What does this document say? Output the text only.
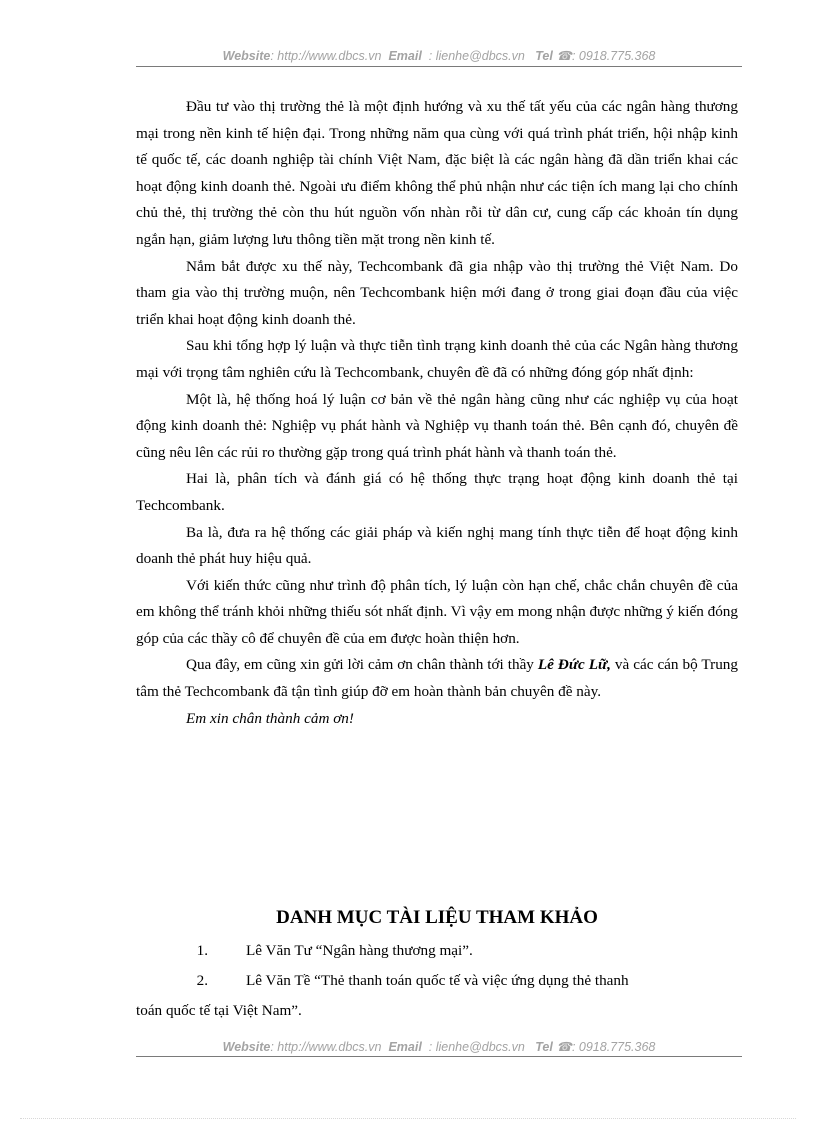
Website: http://www.dbcs.vn Email : lienhe@dbcs.vn Tel ☎: 0918.775.368

Đầu tư vào thị trường thẻ là một định hướng và xu thế tất yếu của các ngân hàng thương mại trong nền kinh tế hiện đại. Trong những năm qua cùng với quá trình phát triển, hội nhập kinh tế quốc tế, các doanh nghiệp tài chính Việt Nam, đặc biệt là các ngân hàng đã dần triển khai các hoạt động kinh doanh thẻ. Ngoài ưu điểm không thể phủ nhận như các tiện ích mang lại cho chính chủ thẻ, thị trường thẻ còn thu hút nguồn vốn nhàn rỗi từ dân cư, cung cấp các khoản tín dụng ngắn hạn, giảm lượng lưu thông tiền mặt trong nền kinh tế.

Nắm bắt được xu thế này, Techcombank đã gia nhập vào thị trường thẻ Việt Nam. Do tham gia vào thị trường muộn, nên Techcombank hiện mới đang ở trong giai đoạn đầu của việc triển khai hoạt động kinh doanh thẻ.

Sau khi tổng hợp lý luận và thực tiễn tình trạng kinh doanh thẻ của các Ngân hàng thương mại với trọng tâm nghiên cứu là Techcombank, chuyên đề đã có những đóng góp nhất định:

Một là, hệ thống hoá lý luận cơ bản về thẻ ngân hàng cũng như các nghiệp vụ của hoạt động kinh doanh thẻ: Nghiệp vụ phát hành và Nghiệp vụ thanh toán thẻ. Bên cạnh đó, chuyên đề cũng nêu lên các rủi ro thường gặp trong quá trình phát hành và thanh toán thẻ.

Hai là, phân tích và đánh giá có hệ thống thực trạng hoạt động kinh doanh thẻ tại Techcombank.

Ba là, đưa ra hệ thống các giải pháp và kiến nghị mang tính thực tiễn để hoạt động kinh doanh thẻ phát huy hiệu quả.

Với kiến thức cũng như trình độ phân tích, lý luận còn hạn chế, chắc chắn chuyên đề của em không thể tránh khỏi những thiếu sót nhất định. Vì vậy em mong nhận được những ý kiến đóng góp của các thầy cô để chuyên đề của em được hoàn thiện hơn.

Qua đây, em cũng xin gửi lời cảm ơn chân thành tới thầy Lê Đức Lữ, và các cán bộ Trung tâm thẻ Techcombank đã tận tình giúp đỡ em hoàn thành bản chuyên đề này.

Em xin chân thành cảm ơn!

DANH MỤC TÀI LIỆU THAM KHẢO
1.	Lê Văn Tư “Ngân hàng thương mại”.
2.	Lê Văn Tề “Thẻ thanh toán quốc tế và việc ứng dụng thẻ thanh
toán quốc tế tại Việt Nam”.
Website: http://www.dbcs.vn Email : lienhe@dbcs.vn Tel ☎: 0918.775.368
